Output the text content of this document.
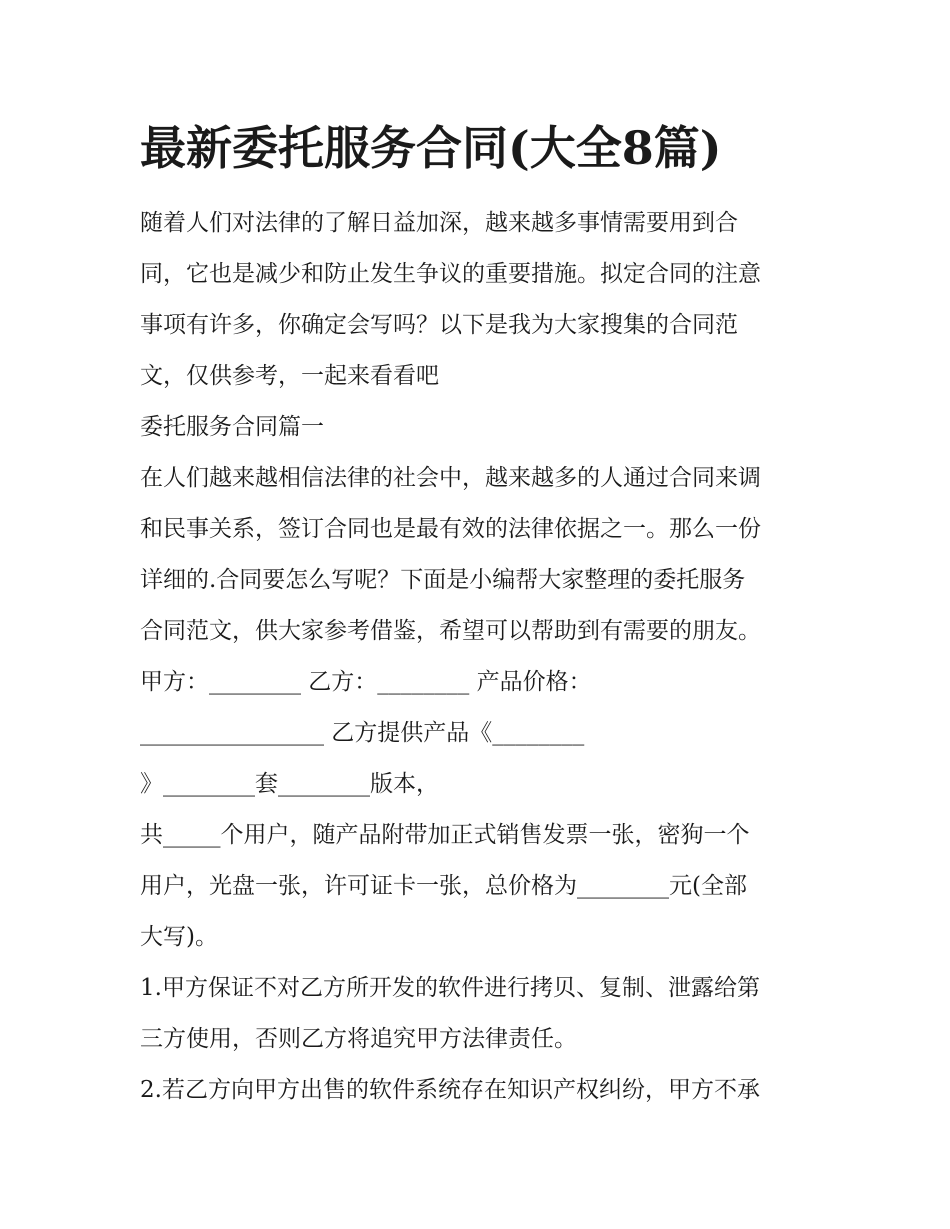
最新委托服务合同(大全8篇)
随着人们对法律的了解日益加深，越来越多事情需要用到合
同，它也是减少和防止发生争议的重要措施。拟定合同的注意
事项有许多，你确定会写吗？以下是我为大家搜集的合同范
文，仅供参考，一起来看看吧
委托服务合同篇一
在人们越来越相信法律的社会中，越来越多的人通过合同来调
和民事关系，签订合同也是最有效的法律依据之一。那么一份
详细的.合同要怎么写呢？下面是小编帮大家整理的委托服务
合同范文，供大家参考借鉴，希望可以帮助到有需要的朋友。
甲方：________ 乙方：________ 产品价格：
________________ 乙方提供产品《________
》________套________版本，
共_____个用户，随产品附带加正式销售发票一张，密狗一个
用户，光盘一张，许可证卡一张，总价格为________元(全部
大写)。
1.甲方保证不对乙方所开发的软件进行拷贝、复制、泄露给第
三方使用，否则乙方将追究甲方法律责任。
2.若乙方向甲方出售的软件系统存在知识产权纠纷，甲方不承
